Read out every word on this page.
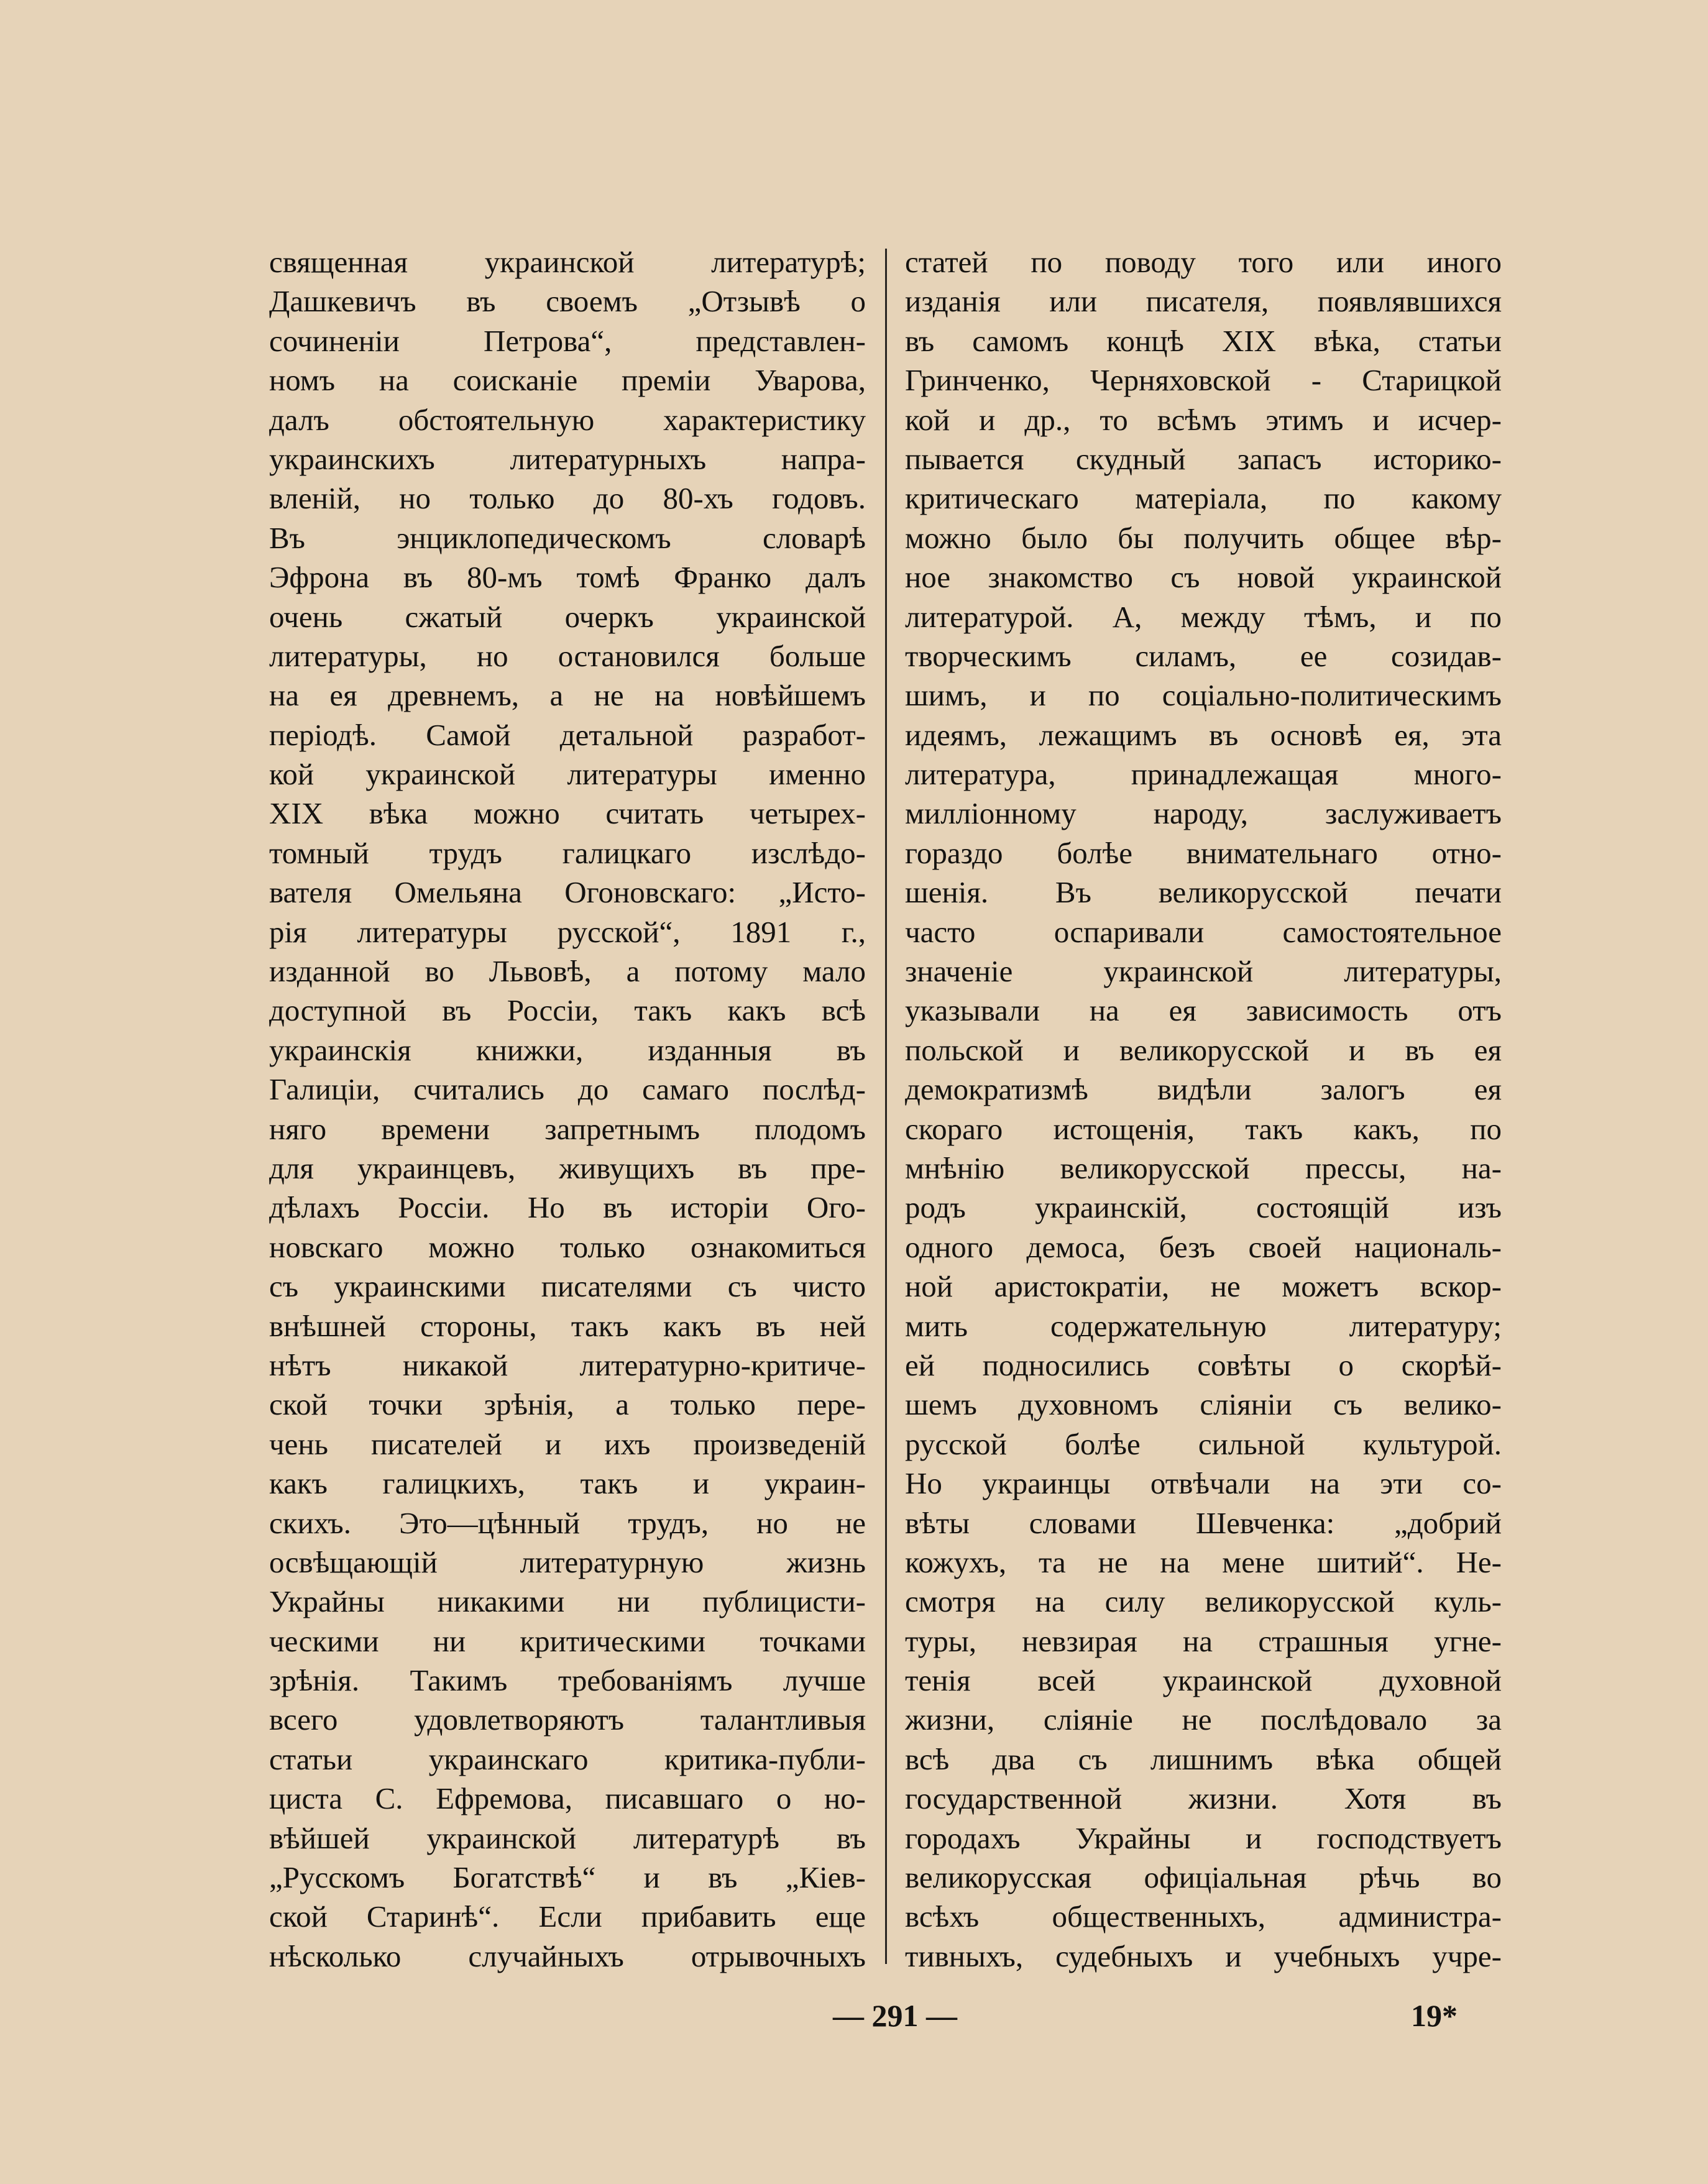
священная украинской литературѣ;
Дашкевичъ въ своемъ „Отзывѣ о
сочиненіи Петрова“, представлен-
номъ на соисканіе преміи Уварова,
далъ обстоятельную характеристику
украинскихъ литературныхъ напра-
вленій, но только до 80-хъ годовъ.
Въ энциклопедическомъ словарѣ
Эфрона въ 80-мъ томѣ Франко далъ
очень сжатый очеркъ украинской
литературы, но остановился больше
на ея древнемъ, а не на новѣйшемъ
періодѣ. Самой детальной разработ-
кой украинской литературы именно
XIX вѣка можно считать четырех-
томный трудъ галицкаго изслѣдо-
вателя Омельяна Огоновскаго: „Исто-
рія литературы русской“, 1891 г.,
изданной во Львовѣ, а потому мало
доступной въ Россіи, такъ какъ всѣ
украинскія книжки, изданныя въ
Галиціи, считались до самаго послѣд-
няго времени запретнымъ плодомъ
для украинцевъ, живущихъ въ пре-
дѣлахъ Россіи. Но въ исторіи Ого-
новскаго можно только ознакомиться
съ украинскими писателями съ чисто
внѣшней стороны, такъ какъ въ ней
нѣтъ никакой литературно-критиче-
ской точки зрѣнія, а только пере-
чень писателей и ихъ произведеній
какъ галицкихъ, такъ и украин-
скихъ. Это—цѣнный трудъ, но не
освѣщающій литературную жизнь
Украйны никакими ни публицисти-
ческими ни критическими точками
зрѣнія. Такимъ требованіямъ лучше
всего удовлетворяютъ талантливыя
статьи украинскаго критика-публи-
циста С. Ефремова, писавшаго о но-
вѣйшей украинской литературѣ въ
„Русскомъ Богатствѣ“ и въ „Кіев-
ской Старинѣ“. Если прибавить еще
нѣсколько случайныхъ отрывочныхъ
статей по поводу того или иного
изданія или писателя, появлявшихся
въ самомъ концѣ XIX вѣка, статьи
Гринченко, Черняховской - Старицкой
кой и др., то всѣмъ этимъ и исчер-
пывается скудный запасъ историко-
критическаго матеріала, по какому
можно было бы получить общее вѣр-
ное знакомство съ новой украинской
литературой. А, между тѣмъ, и по
творческимъ силамъ, ее созидав-
шимъ, и по соціально-политическимъ
идеямъ, лежащимъ въ основѣ ея, эта
литература, принадлежащая много-
милліонному народу, заслуживаетъ
гораздо болѣе внимательнаго отно-
шенія. Въ великорусской печати
часто оспаривали самостоятельное
значеніе украинской литературы,
указывали на ея зависимость отъ
польской и великорусской и въ ея
демократизмѣ видѣли залогъ ея
скораго истощенія, такъ какъ, по
мнѣнію великорусской прессы, на-
родъ украинскій, состоящій изъ
одного демоса, безъ своей националь-
ной аристократіи, не можетъ вскор-
мить содержательную литературу;
ей подносились совѣты о скорѣй-
шемъ духовномъ сліяніи съ велико-
русской болѣе сильной культурой.
Но украинцы отвѣчали на эти со-
вѣты словами Шевченка: „добрий
кожухъ, та не на мене шитий“. Не-
смотря на силу великорусской куль-
туры, невзирая на страшныя угне-
тенія всей украинской духовной
жизни, сліяніе не послѣдовало за
всѣ два съ лишнимъ вѣка общей
государственной жизни. Хотя въ
городахъ Украйны и господствуетъ
великорусская офиціальная рѣчь во
всѣхъ общественныхъ, администра-
тивныхъ, судебныхъ и учебныхъ учре-
— 291 —	19*
